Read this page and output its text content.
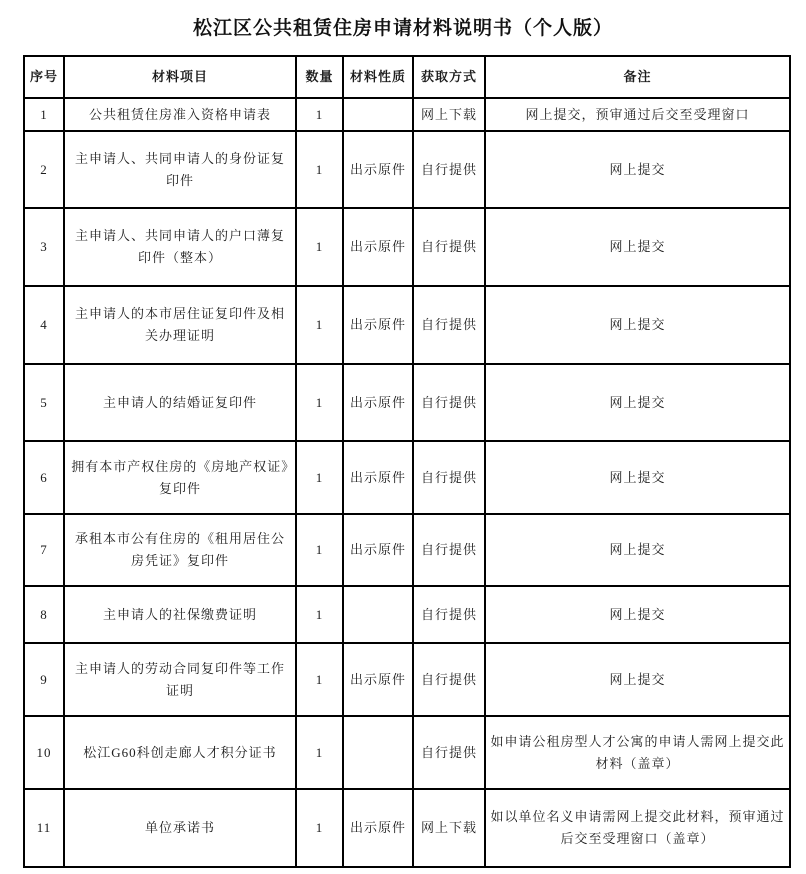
松江区公共租赁住房申请材料说明书（个人版）
序号	材料项目	数量	材料性质	获取方式	备注
1	公共租赁住房准入资格申请表	1		网上下载	网上提交，预审通过后交至受理窗口
2	主申请人、共同申请人的身份证复印件	1	出示原件	自行提供	网上提交
3	主申请人、共同申请人的户口薄复印件（整本）	1	出示原件	自行提供	网上提交
4	主申请人的本市居住证复印件及相关办理证明	1	出示原件	自行提供	网上提交
5	主申请人的结婚证复印件	1	出示原件	自行提供	网上提交
6	拥有本市产权住房的《房地产权证》复印件	1	出示原件	自行提供	网上提交
7	承租本市公有住房的《租用居住公房凭证》复印件	1	出示原件	自行提供	网上提交
8	主申请人的社保缴费证明	1		自行提供	网上提交
9	主申请人的劳动合同复印件等工作证明	1	出示原件	自行提供	网上提交
10	松江G60科创走廊人才积分证书	1		自行提供	如申请公租房型人才公寓的申请人需网上提交此材料（盖章）
11	单位承诺书	1	出示原件	网上下载	如以单位名义申请需网上提交此材料，预审通过后交至受理窗口（盖章）
